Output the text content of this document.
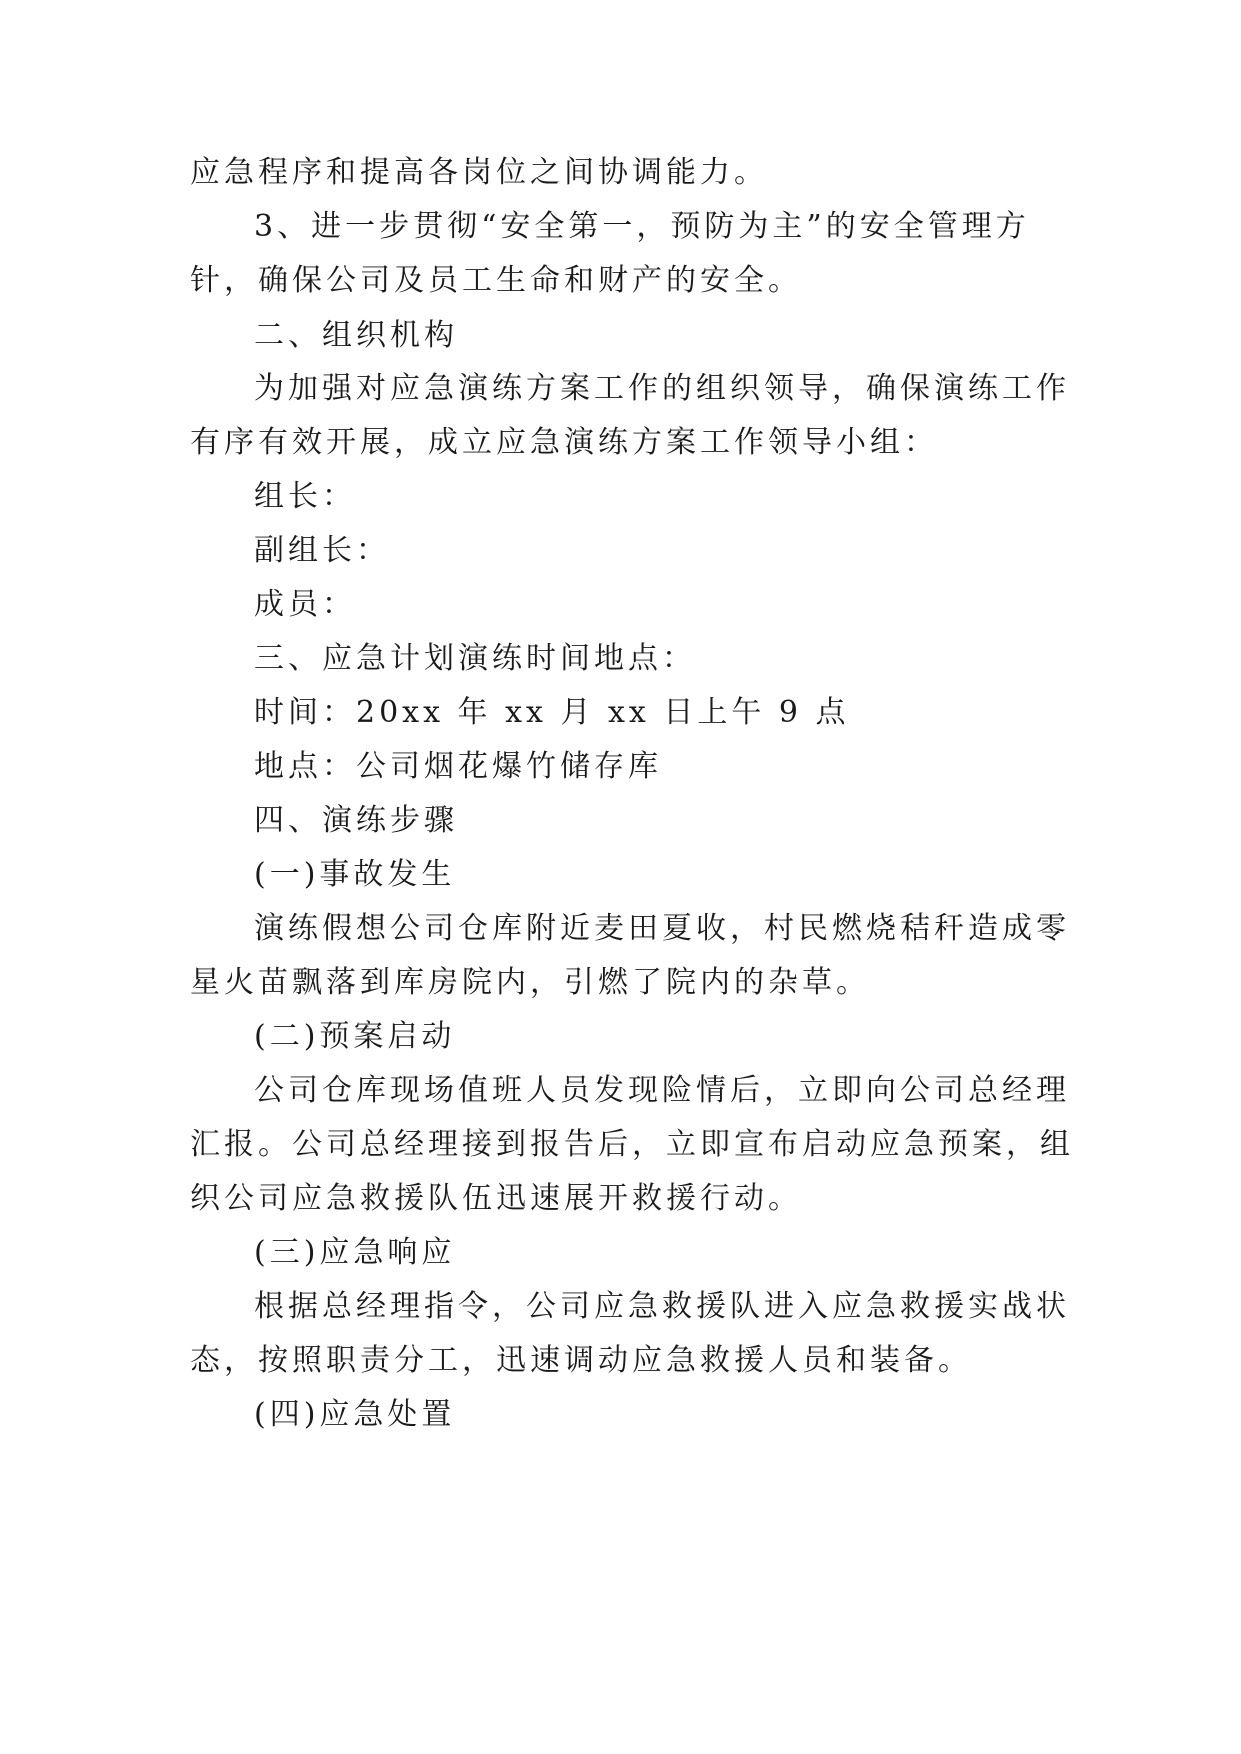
应急程序和提高各岗位之间协调能力。
3、进一步贯彻“安全第一，预防为主”的安全管理方
针，确保公司及员工生命和财产的安全。
二、组织机构
为加强对应急演练方案工作的组织领导，确保演练工作
有序有效开展，成立应急演练方案工作领导小组：
组长：
副组长：
成员：
三、应急计划演练时间地点：
时间：20xx 年 xx 月 xx 日上午 9 点
地点：公司烟花爆竹储存库
四、演练步骤
(一)事故发生
演练假想公司仓库附近麦田夏收，村民燃烧秸秆造成零
星火苗飘落到库房院内，引燃了院内的杂草。
(二)预案启动
公司仓库现场值班人员发现险情后，立即向公司总经理
汇报。公司总经理接到报告后，立即宣布启动应急预案，组
织公司应急救援队伍迅速展开救援行动。
(三)应急响应
根据总经理指令，公司应急救援队进入应急救援实战状
态，按照职责分工，迅速调动应急救援人员和装备。
(四)应急处置
